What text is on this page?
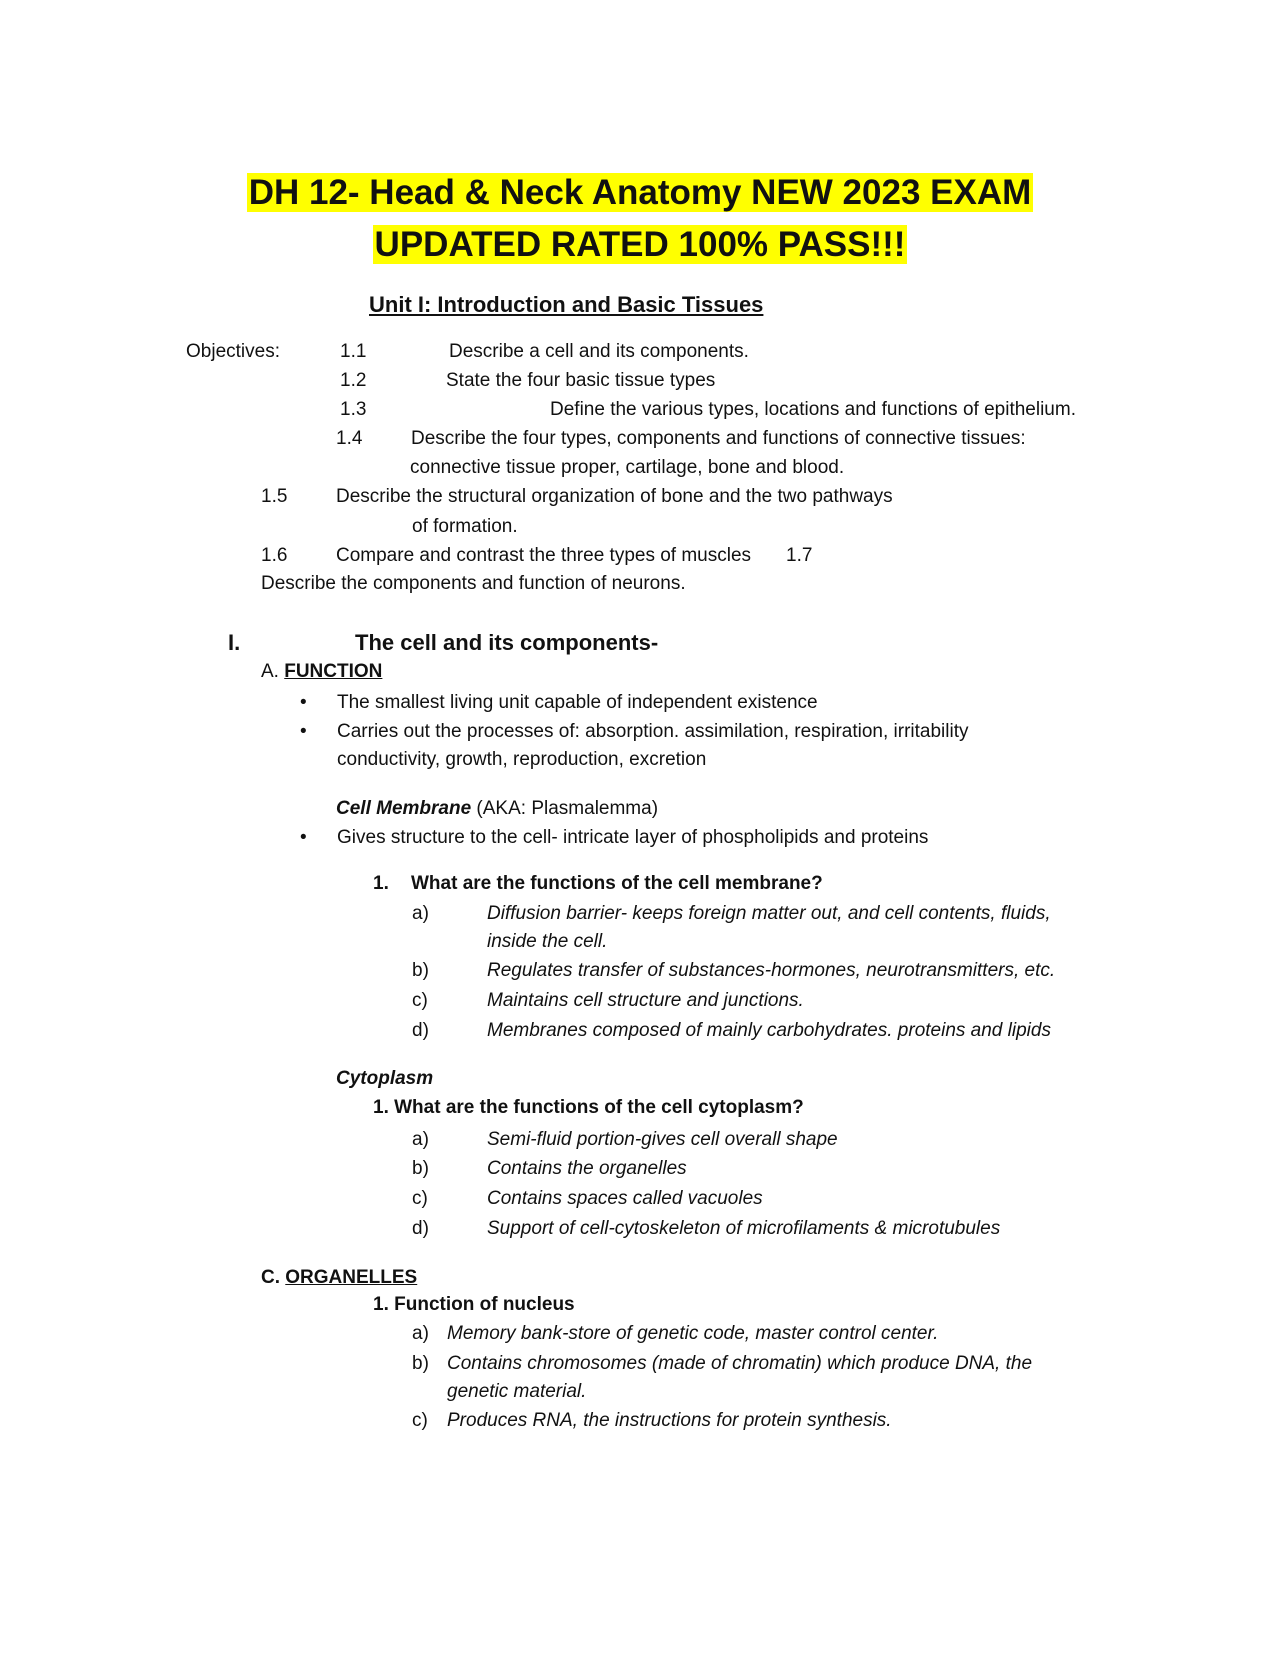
DH 12- Head & Neck Anatomy NEW 2023 EXAM
UPDATED RATED 100% PASS!!!
Unit I: Introduction and Basic Tissues
Objectives:	1.1	Describe a cell and its components.
1.2	State the four basic tissue types
1.3	Define the various types, locations and functions of epithelium.
1.4	Describe the four types, components and functions of connective tissues:
connective tissue proper, cartilage, bone and blood.
1.5	Describe the structural organization of bone and the two pathways
of formation.
1.6	Compare and contrast the three types of muscles 1.7
Describe the components and function of neurons.
I.	The cell and its components-
A. FUNCTION
• The smallest living unit capable of independent existence
• Carries out the processes of: absorption. assimilation, respiration, irritability
conductivity, growth, reproduction, excretion
Cell Membrane (AKA: Plasmalemma)
• Gives structure to the cell- intricate layer of phospholipids and proteins
1. What are the functions of the cell membrane?
a)	Diffusion barrier- keeps foreign matter out, and cell contents, fluids,
inside the cell.
b)	Regulates transfer of substances-hormones, neurotransmitters, etc.
c)	Maintains cell structure and junctions.
d)	Membranes composed of mainly carbohydrates. proteins and lipids
Cytoplasm
1. What are the functions of the cell cytoplasm?
a)	Semi-fluid portion-gives cell overall shape
b)	Contains the organelles
c)	Contains spaces called vacuoles
d)	Support of cell-cytoskeleton of microfilaments & microtubules
C. ORGANELLES
1. Function of nucleus
a) Memory bank-store of genetic code, master control center.
b) Contains chromosomes (made of chromatin) which produce DNA, the
genetic material.
c) Produces RNA, the instructions for protein synthesis.
